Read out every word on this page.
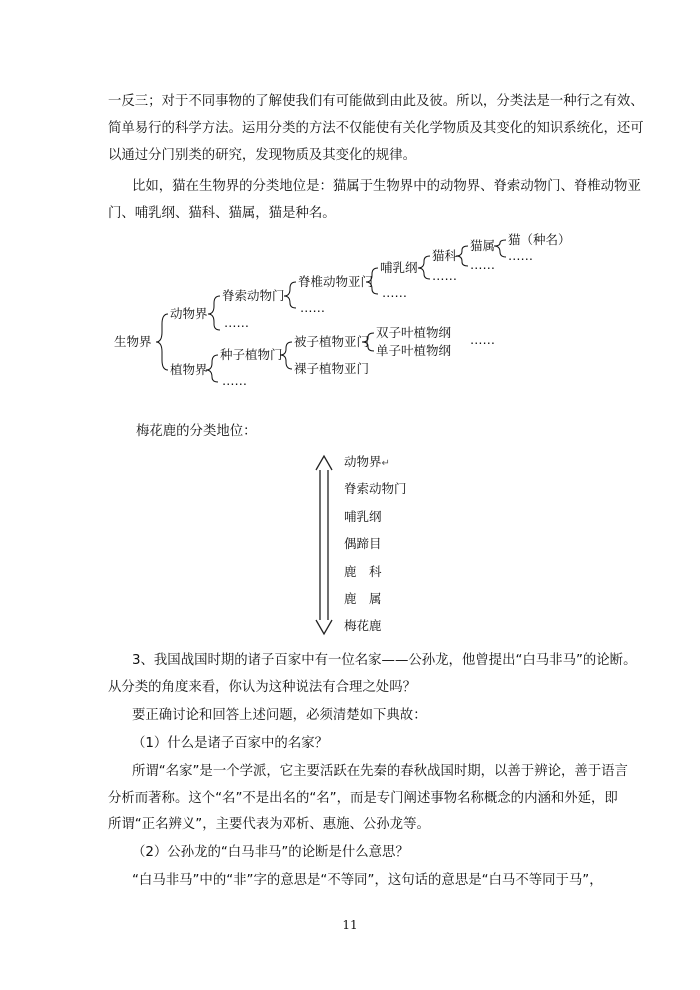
一反三；对于不同事物的了解使我们有可能做到由此及彼。所以，分类法是一种行之有效、
简单易行的科学方法。运用分类的方法不仅能使有关化学物质及其变化的知识系统化，还可
以通过分门别类的研究，发现物质及其变化的规律。
比如，猫在生物界的分类地位是：猫属于生物界中的动物界、脊索动物门、脊椎动物亚
门、哺乳纲、猫科、猫属，猫是种名。
生物界
动物界
脊索动物门
……
脊椎动物亚门
……
哺乳纲
……
猫科
……
猫属
……
猫（种名）
……
植物界
种子植物门
……
被子植物亚门
裸子植物亚门
双子叶植物纲
单子叶植物纲
……
梅花鹿的分类地位：
动物界↵
脊索动物门
哺乳纲
偶蹄目
鹿　科
鹿　属
梅花鹿
3、我国战国时期的诸子百家中有一位名家——公孙龙，他曾提出“白马非马”的论断。
从分类的角度来看，你认为这种说法有合理之处吗？
要正确讨论和回答上述问题，必须清楚如下典故：
（1）什么是诸子百家中的名家？
所谓“名家”是一个学派，它主要活跃在先秦的春秋战国时期，以善于辨论，善于语言
分析而著称。这个“名”不是出名的“名”，而是专门阐述事物名称概念的内涵和外延，即
所谓“正名辨义”，主要代表为邓析、惠施、公孙龙等。
（2）公孙龙的“白马非马”的论断是什么意思？
“白马非马”中的“非”字的意思是“不等同”，这句话的意思是“白马不等同于马”，
11
